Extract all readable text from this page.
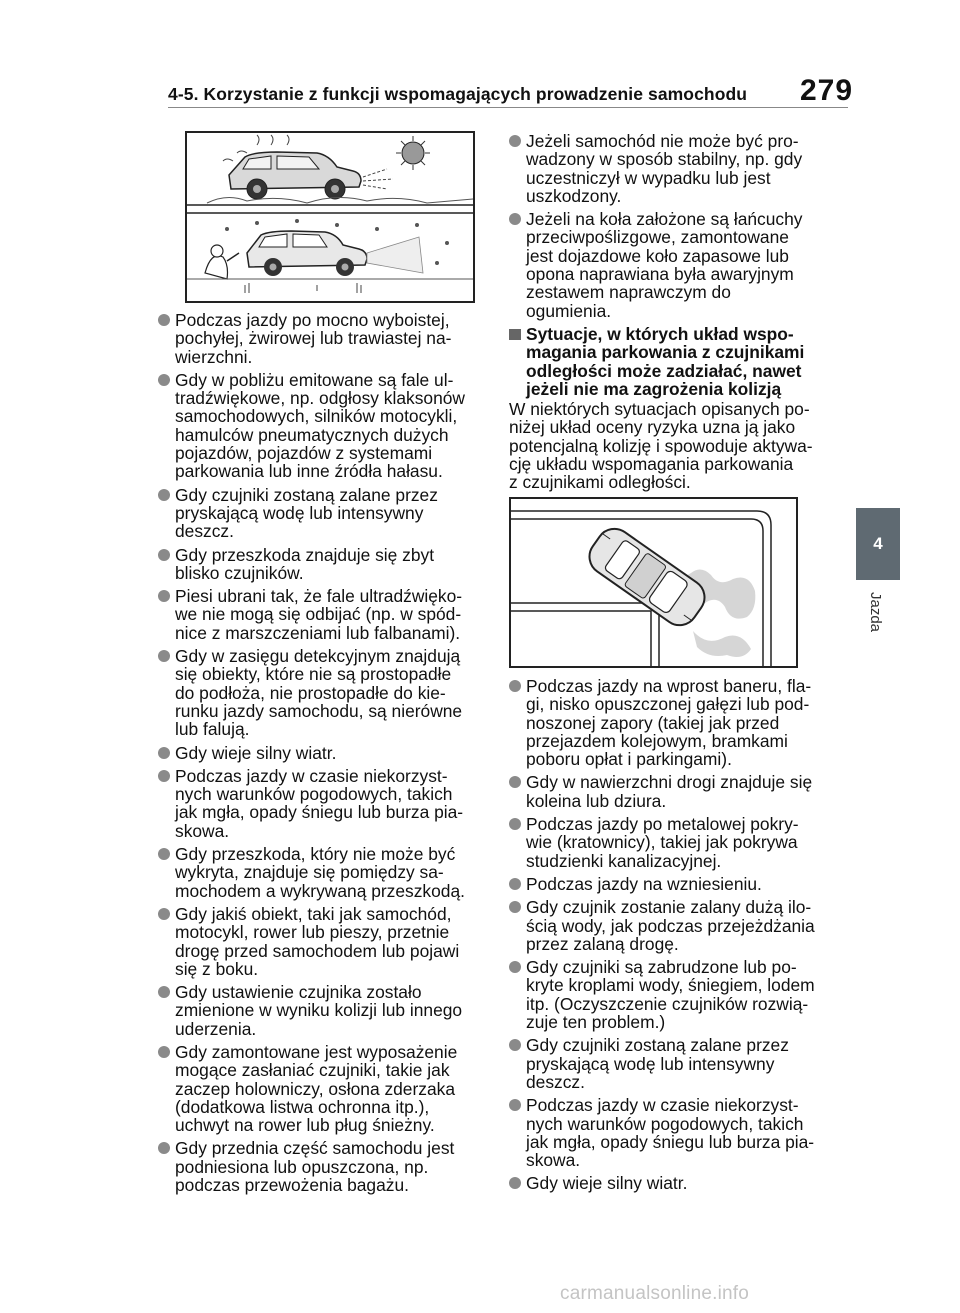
4-5. Korzystanie z funkcji wspomagających prowadzenie samochodu 279
4
Jazda
Podczas jazdy po mocno wyboistej,
pochyłej, żwirowej lub trawiastej na-
wierzchni.
Gdy w pobliżu emitowane są fale ul-
tradźwiękowe, np. odgłosy klaksonów
samochodowych, silników motocykli,
hamulców pneumatycznych dużych
pojazdów, pojazdów z systemami
parkowania lub inne źródła hałasu.
Gdy czujniki zostaną zalane przez
pryskającą wodę lub intensywny
deszcz.
Gdy przeszkoda znajduje się zbyt
blisko czujników.
Piesi ubrani tak, że fale ultradźwięko-
we nie mogą się odbijać (np. w spód-
nice z marszczeniami lub falbanami).
Gdy w zasięgu detekcyjnym znajdują
się obiekty, które nie są prostopadłe
do podłoża, nie prostopadłe do kie-
runku jazdy samochodu, są nierówne
lub falują.
Gdy wieje silny wiatr.
Podczas jazdy w czasie niekorzyst-
nych warunków pogodowych, takich
jak mgła, opady śniegu lub burza pia-
skowa.
Gdy przeszkoda, który nie może być
wykryta, znajduje się pomiędzy sa-
mochodem a wykrywaną przeszkodą.
Gdy jakiś obiekt, taki jak samochód,
motocykl, rower lub pieszy, przetnie
drogę przed samochodem lub pojawi
się z boku.
Gdy ustawienie czujnika zostało
zmienione w wyniku kolizji lub innego
uderzenia.
Gdy zamontowane jest wyposażenie
mogące zasłaniać czujniki, takie jak
zaczep holowniczy, osłona zderzaka
(dodatkowa listwa ochronna itp.),
uchwyt na rower lub pług śnieżny.
Gdy przednia część samochodu jest
podniesiona lub opuszczona, np.
podczas przewożenia bagażu.
Jeżeli samochód nie może być pro-
wadzony w sposób stabilny, np. gdy
uczestniczył w wypadku lub jest
uszkodzony.
Jeżeli na koła założone są łańcuchy
przeciwpoślizgowe, zamontowane
jest dojazdowe koło zapasowe lub
opona naprawiana była awaryjnym
zestawem naprawczym do ogumienia.
Sytuacje, w których układ wspo-
magania parkowania z czujnikami
odległości może zadziałać, nawet
jeżeli nie ma zagrożenia kolizją
W niektórych sytuacjach opisanych po-
niżej układ oceny ryzyka uzna ją jako
potencjalną kolizję i spowoduje aktywa-
cję układu wspomagania parkowania
z czujnikami odległości.
Podczas jazdy na wprost baneru, fla-
gi, nisko opuszczonej gałęzi lub pod-
noszonej zapory (takiej jak przed
przejazdem kolejowym, bramkami
poboru opłat i parkingami).
Gdy w nawierzchni drogi znajduje się
koleina lub dziura.
Podczas jazdy po metalowej pokry-
wie (kratownicy), takiej jak pokrywa
studzienki kanalizacyjnej.
Podczas jazdy na wzniesieniu.
Gdy czujnik zostanie zalany dużą ilo-
ścią wody, jak podczas przejeżdżania
przez zalaną drogę.
Gdy czujniki są zabrudzone lub po-
kryte kroplami wody, śniegiem, lodem
itp. (Oczyszczenie czujników rozwią-
zuje ten problem.)
Gdy czujniki zostaną zalane przez
pryskającą wodę lub intensywny
deszcz.
Podczas jazdy w czasie niekorzyst-
nych warunków pogodowych, takich
jak mgła, opady śniegu lub burza pia-
skowa.
Gdy wieje silny wiatr.
carmanualsonline.info
